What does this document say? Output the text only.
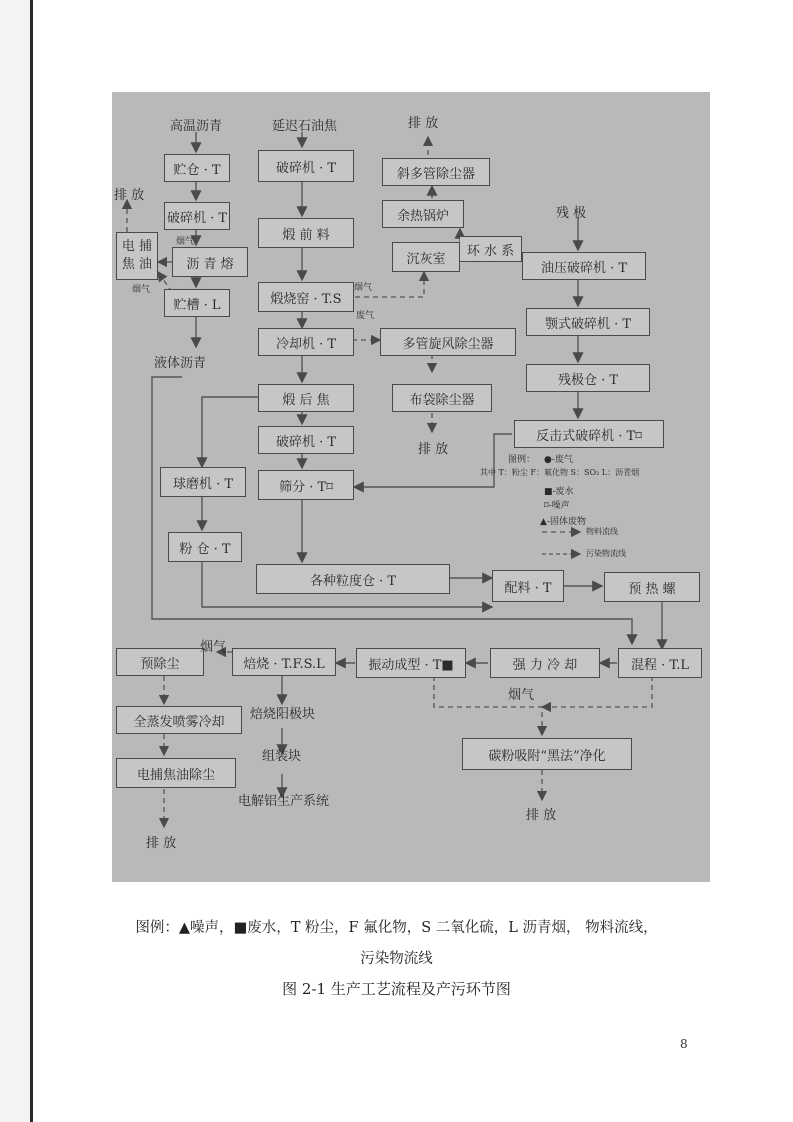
高温沥青
贮仓 · T
破碎机 · T
电 捕
焦 油	沥 青 熔
贮槽 · L
排 放
烟气
烟气
液体沥青
延迟石油焦
破碎机 · T
煅 前 料
煅烧窑 · T.S
冷却机 · T
煅 后 焦
破碎机 · T
筛分 · T⌑
球磨机 · T
粉 仓 · T
各种粒度仓 · T
废气
烟气
排 放
斜多管除尘器
余热锅炉
沉灰室
环 水 系
多管旋风除尘器
布袋除尘器
排 放
残 极
油压破碎机 · T
颚式破碎机 · T
残极仓 · T
反击式破碎机 · T⌑
图例： ●-废气
其中 T：粉尘 F：氟化物 S：SO₂ L：沥青烟
■-废水
⌑-噪声
▲-固体废物
物料流线
污染物流线
配料 · T	预 热 螺
混程 · T.L
强 力 冷 却
振动成型 · T■
焙烧 · T.F.S.L
预除尘
烟气
全蒸发喷雾冷却
电捕焦油除尘
排 放
焙烧阳极块
组装块
电解铝生产系统
烟气
碳粉吸附“黑法”净化
排 放
图例：▲噪声，■废水，T 粉尘，F 氟化物，S 二氧化硫，L 沥青烟， 物料流线，
污染物流线
图 2-1 生产工艺流程及产污环节图
8
